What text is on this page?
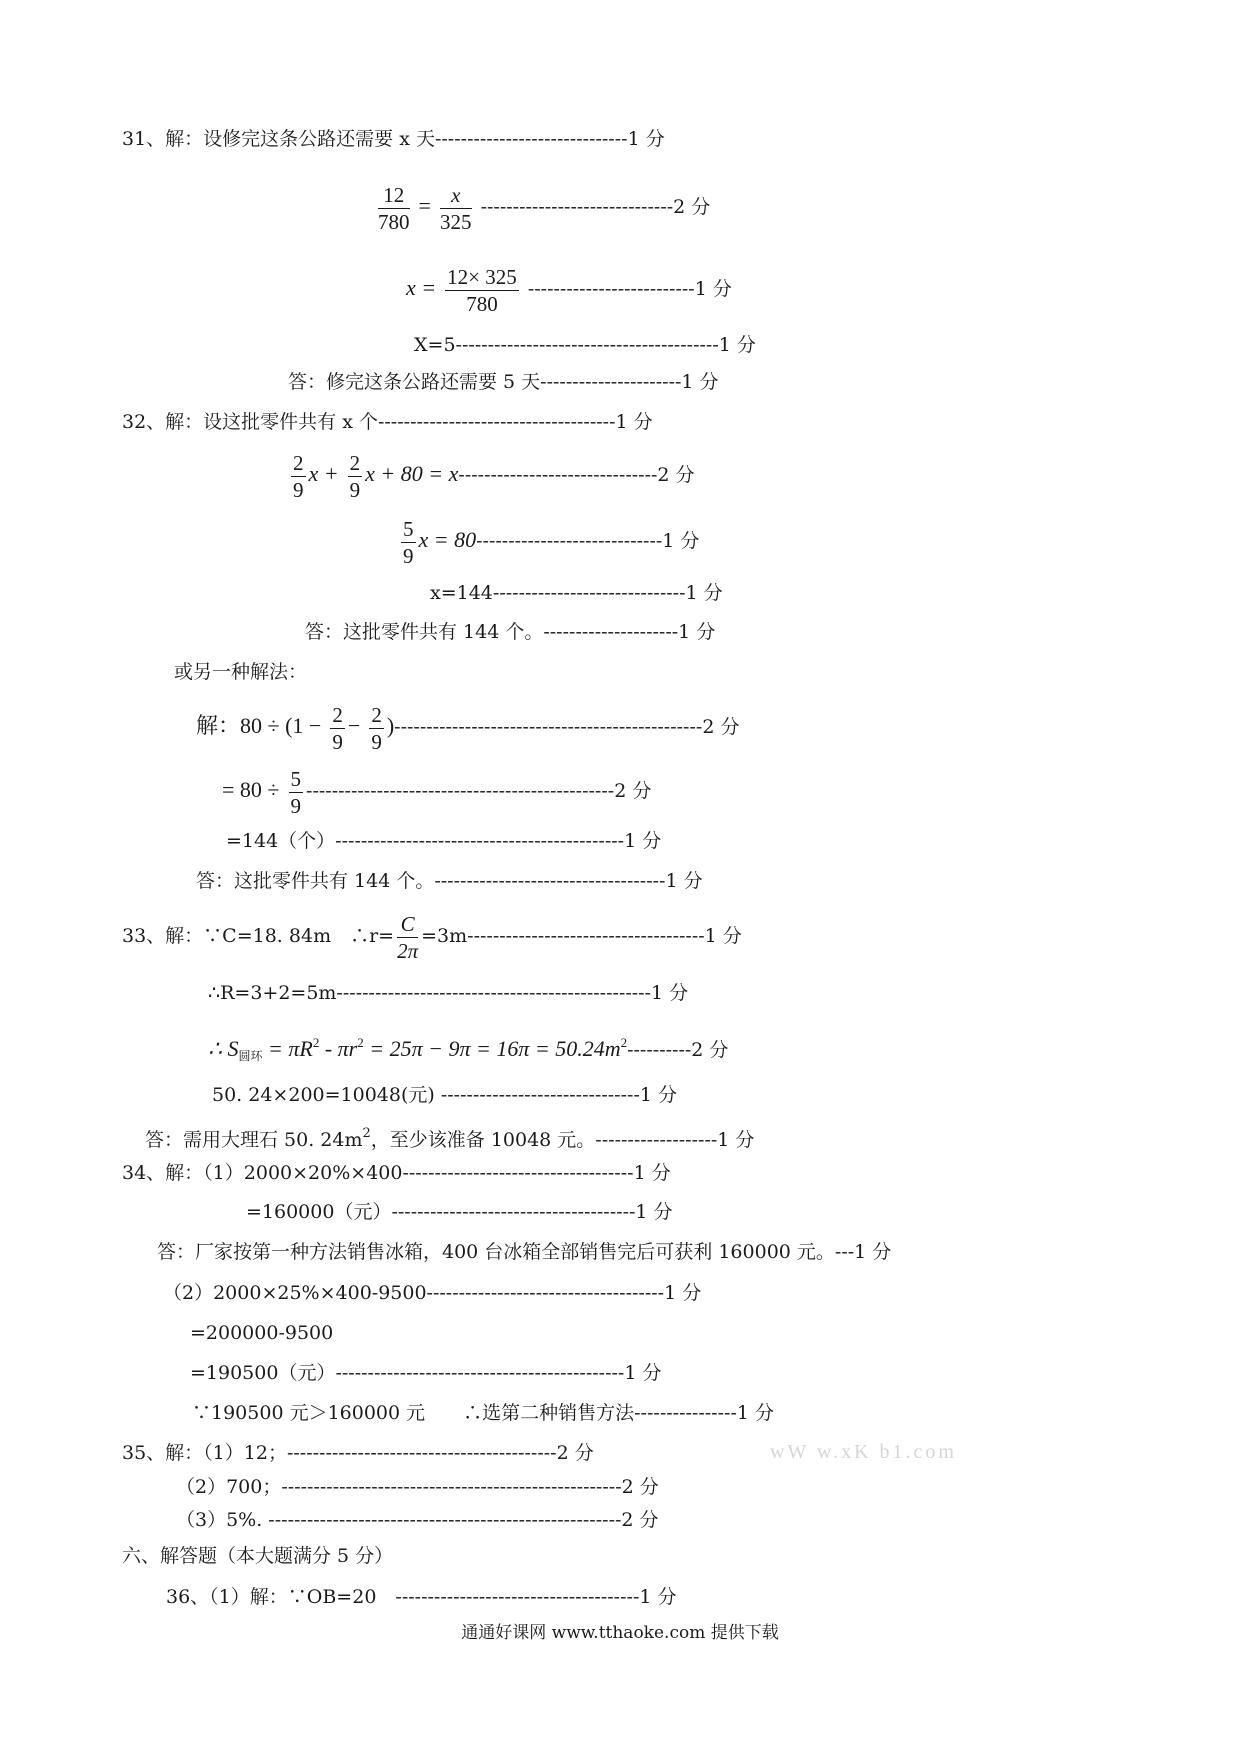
31、解：设修完这条公路还需要 x 天------------------------------1 分
$\frac{12}{780} = \frac{x}{325} ------------------------------2$ 分
$x = \frac{12\times 325}{780} --------------------------1$ 分
X=5-----------------------------------------1 分
答：修完这条公路还需要 5 天----------------------1 分
32、解：设这批零件共有 x 个-------------------------------------1 分
$\frac{2}{9}$ $x + \frac{2}{9}$ x + 80 = x-------------------------------2 分
$\frac{5}{9}$ x = 80-----------------------------1 分
x=144------------------------------1 分
答：这批零件共有 144 个。---------------------1 分
或另一种解法：
解：$80 \div (1 - \frac{2}{9} - \frac{2}{9} )------------------------------------------------2$ 分
= $80 \div \frac{5}{9} ------------------------------------------------2$ 分
=144（个）---------------------------------------------1 分
答：这批零件共有 144 个。------------------------------------1 分
33、解：∵C=18. 84m　∴r= $\frac{C}{2\pi} =3m-------------------------------------1$ 分
∴R=3+2=5m-------------------------------------------------1 分
∴ $S_{圆环} = \pi R^2 - \pi r^2 = 25\pi - 9\pi = 16\pi = 50.24m^2----------2$ 分
50. 24×200=10048(元) -------------------------------1 分
答：需用大理石 50. $24m^2$，至少该准备 10048 元。-------------------1 分
34、解：（1）2000×20%×400------------------------------------1 分
=160000（元）--------------------------------------1 分
答：厂家按第一种方法销售冰箱，400 台冰箱全部销售完后可获利 160000 元。---1 分
（2）2000×25%×400-9500-------------------------------------1 分
=200000-9500
=190500（元）---------------------------------------------1 分
∵190500 元＞160000 元　　∴选第二种销售方法----------------1 分
35、解：（1）12；------------------------------------------2 分	wW w.xK b1.com
（2）700；-----------------------------------------------------2 分
（3）5%. -------------------------------------------------------2 分
六、解答题（本大题满分 5 分）
36、（1）解：∵OB=20　--------------------------------------1 分
通通好课网 www.tthaoke.com 提供下载
